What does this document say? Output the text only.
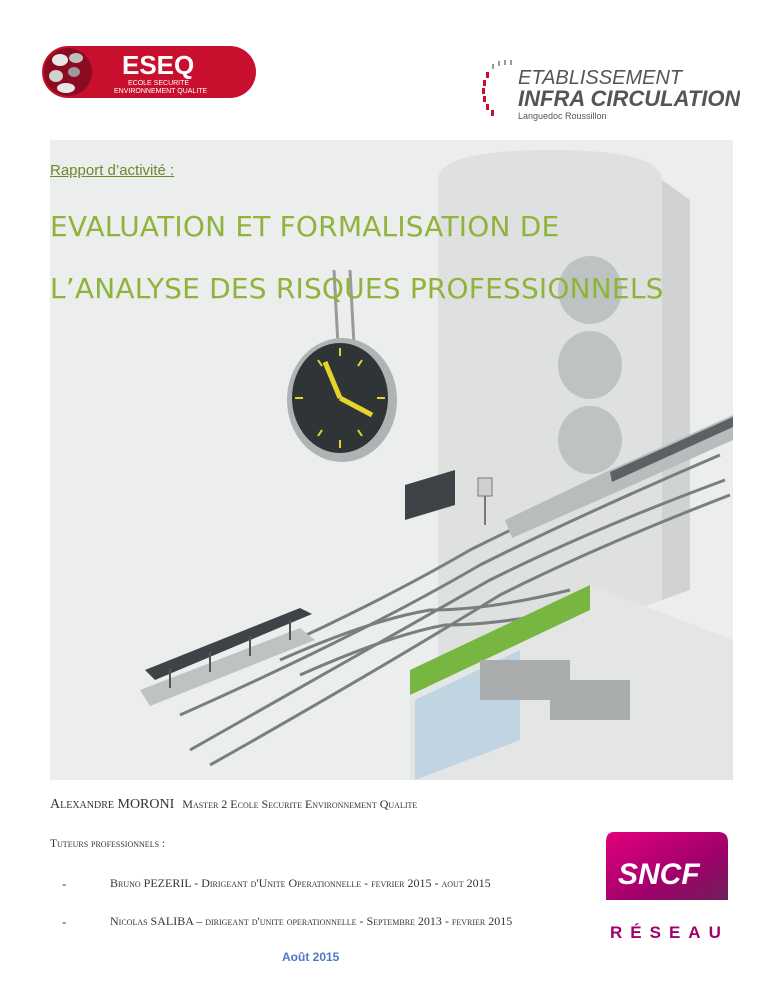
ESEQ
ECOLE SECURITE
ENVIRONNEMENT QUALITE
ETABLISSEMENT
INFRA CIRCULATION
Languedoc Roussillon
Rapport d’activité :
EVALUATION ET FORMALISATION DE
L’ANALYSE DES RISQUES PROFESSIONNELS
Alexandre MORONI Master 2 Ecole Securite Environnement Qualite
Tuteurs professionnels :
-	Bruno PEZERIL - Dirigeant d'Unite Operationnelle - fevrier 2015 - aout 2015
-	Nicolas SALIBA – dirigeant d'unite operationnelle - Septembre 2013 - fevrier 2015
Août 2015
SNCF
RÉSEAU
